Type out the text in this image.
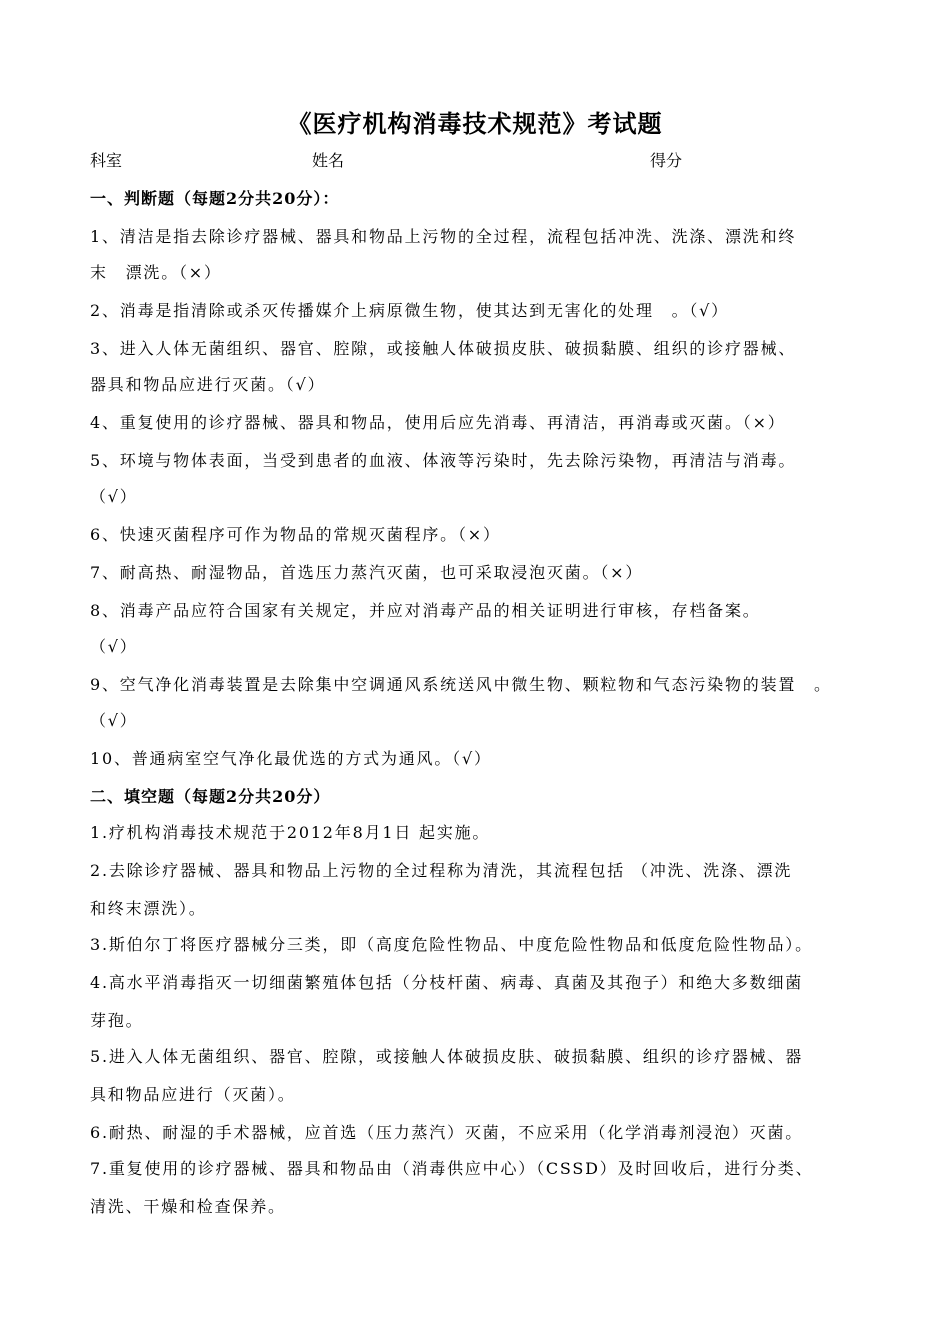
《医疗机构消毒技术规范》考试题
科室	姓名	得分
一、判断题（每题2分共20分）：
1、清洁是指去除诊疗器械、器具和物品上污物的全过程，流程包括冲洗、洗涤、漂洗和终
末　漂洗。（×）
2、消毒是指清除或杀灭传播媒介上病原微生物，使其达到无害化的处理　。（√）
3、进入人体无菌组织、器官、腔隙，或接触人体破损皮肤、破损黏膜、组织的诊疗器械、
器具和物品应进行灭菌。（√）
4、重复使用的诊疗器械、器具和物品，使用后应先消毒、再清洁，再消毒或灭菌。（×）
5、环境与物体表面，当受到患者的血液、体液等污染时，先去除污染物，再清洁与消毒。
（√）
6、快速灭菌程序可作为物品的常规灭菌程序。（×）
7、耐高热、耐湿物品，首选压力蒸汽灭菌，也可采取浸泡灭菌。（×）
8、消毒产品应符合国家有关规定，并应对消毒产品的相关证明进行审核，存档备案。
（√）
9、空气净化消毒装置是去除集中空调通风系统送风中微生物、颗粒物和气态污染物的装置　。
（√）
10、普通病室空气净化最优选的方式为通风。（√）
二、填空题（每题2分共20分）
1.疗机构消毒技术规范于2012年8月1日 起实施。
2.去除诊疗器械、器具和物品上污物的全过程称为清洗，其流程包括 （冲洗、洗涤、漂洗
和终末漂洗）。
3.斯伯尔丁将医疗器械分三类，即（高度危险性物品、中度危险性物品和低度危险性物品）。
4.高水平消毒指灭一切细菌繁殖体包括（分枝杆菌、病毒、真菌及其孢子）和绝大多数细菌
芽孢。
5.进入人体无菌组织、器官、腔隙，或接触人体破损皮肤、破损黏膜、组织的诊疗器械、器
具和物品应进行（灭菌）。
6.耐热、耐湿的手术器械，应首选（压力蒸汽）灭菌，不应采用（化学消毒剂浸泡）灭菌。
7.重复使用的诊疗器械、器具和物品由（消毒供应中心）（CSSD）及时回收后，进行分类、
清洗、干燥和检查保养。
